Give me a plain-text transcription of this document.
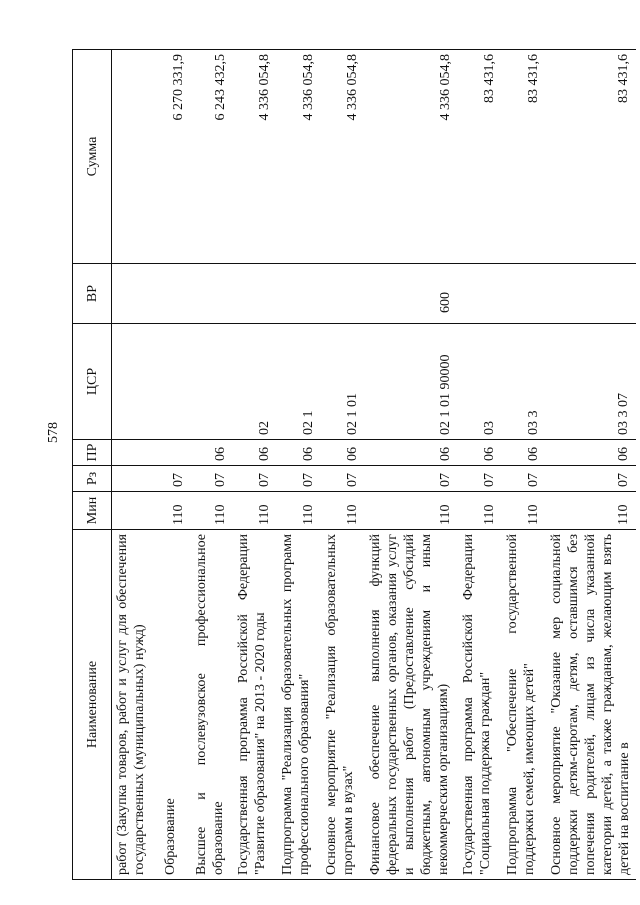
578
Наименование	Мин	Рз	ПР	ЦСР	ВР	Сумма
работ (Закупка товаров, работ и услуг для обеспечения государственных (муниципальных) нужд)						
Образование	110	07				6 270 331,9
Высшее и послевузовское профессиональное образование	110	07	06			6 243 432,5
Государственная программа Российской Федерации "Развитие образования" на 2013 - 2020 годы	110	07	06	02		4 336 054,8
Подпрограмма "Реализация образовательных программ профессионального образования"	110	07	06	02 1		4 336 054,8
Основное мероприятие "Реализация образовательных программ в вузах"	110	07	06	02 1 01		4 336 054,8
Финансовое обеспечение выполнения функций федеральных государственных органов, оказания услуг и выполнения работ (Предоставление субсидий бюджетным, автономным учреждениям и иным некоммерческим организациям)	110	07	06	02 1 01 90000	600	4 336 054,8
Государственная программа Российской Федерации "Социальная поддержка граждан"	110	07	06	03		83 431,6
Подпрограмма "Обеспечение государственной поддержки семей, имеющих детей"	110	07	06	03 3		83 431,6
Основное мероприятие "Оказание мер социальной поддержки детям-сиротам, детям, оставшимся без попечения родителей, лицам из числа указанной категории детей, а также гражданам, желающим взять детей на воспитание в	110	07	06	03 3 07		83 431,6
